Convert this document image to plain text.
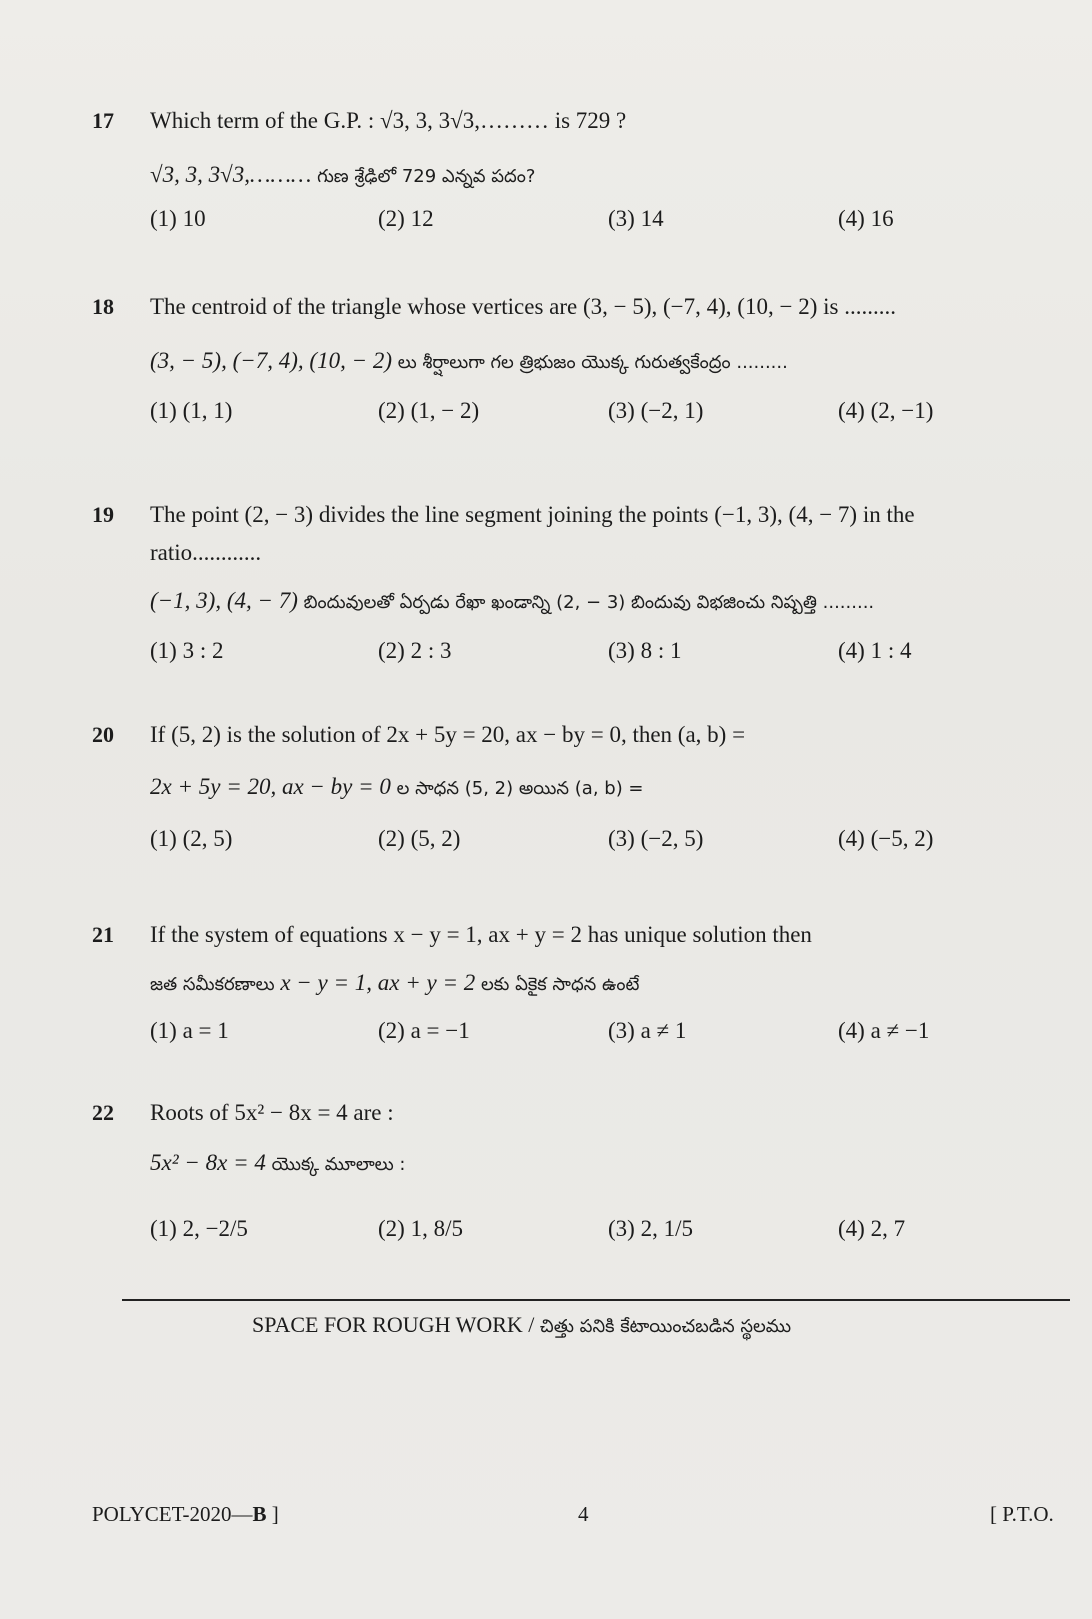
17 Which term of the G.P. : √3, 3, 3√3,……… is 729 ?
√3, 3, 3√3,……… గుణ శ్రేఢిలో 729 ఎన్నవ పదం?
(1) 10	(2) 12	(3) 14	(4) 16
18 The centroid of the triangle whose vertices are (3, − 5), (−7, 4), (10, − 2) is .........
(3, − 5), (−7, 4), (10, − 2) లు శీర్షాలుగా గల త్రిభుజం యొక్క గురుత్వకేంద్రం .........
(1) (1, 1)	(2) (1, − 2)	(3) (−2, 1)	(4) (2, −1)
19 The point (2, − 3) divides the line segment joining the points (−1, 3), (4, − 7) in the
ratio............
(−1, 3), (4, − 7) బిందువులతో ఏర్పడు రేఖా ఖండాన్ని (2, − 3) బిందువు విభజించు నిష్పత్తి .........
(1) 3 : 2	(2) 2 : 3	(3) 8 : 1	(4) 1 : 4
20 If (5, 2) is the solution of 2x + 5y = 20, ax − by = 0, then (a, b) =
2x + 5y = 20, ax − by = 0 ల సాధన (5, 2) అయిన (a, b) =
(1) (2, 5)	(2) (5, 2)	(3) (−2, 5)	(4) (−5, 2)
21 If the system of equations x − y = 1, ax + y = 2 has unique solution then
జత సమీకరణాలు x − y = 1, ax + y = 2 లకు ఏకైక సాధన ఉంటే
(1) a = 1	(2) a = −1	(3) a ≠ 1	(4) a ≠ −1
22 Roots of 5x² − 8x = 4 are :
5x² − 8x = 4 యొక్క మూలాలు :
(1) 2, −2/5	(2) 1, 8/5	(3) 2, 1/5	(4) 2, 7
SPACE FOR ROUGH WORK / చిత్తు పనికి కేటాయించబడిన స్థలము
POLYCET-2020—B ]	4	[ P.T.O.
